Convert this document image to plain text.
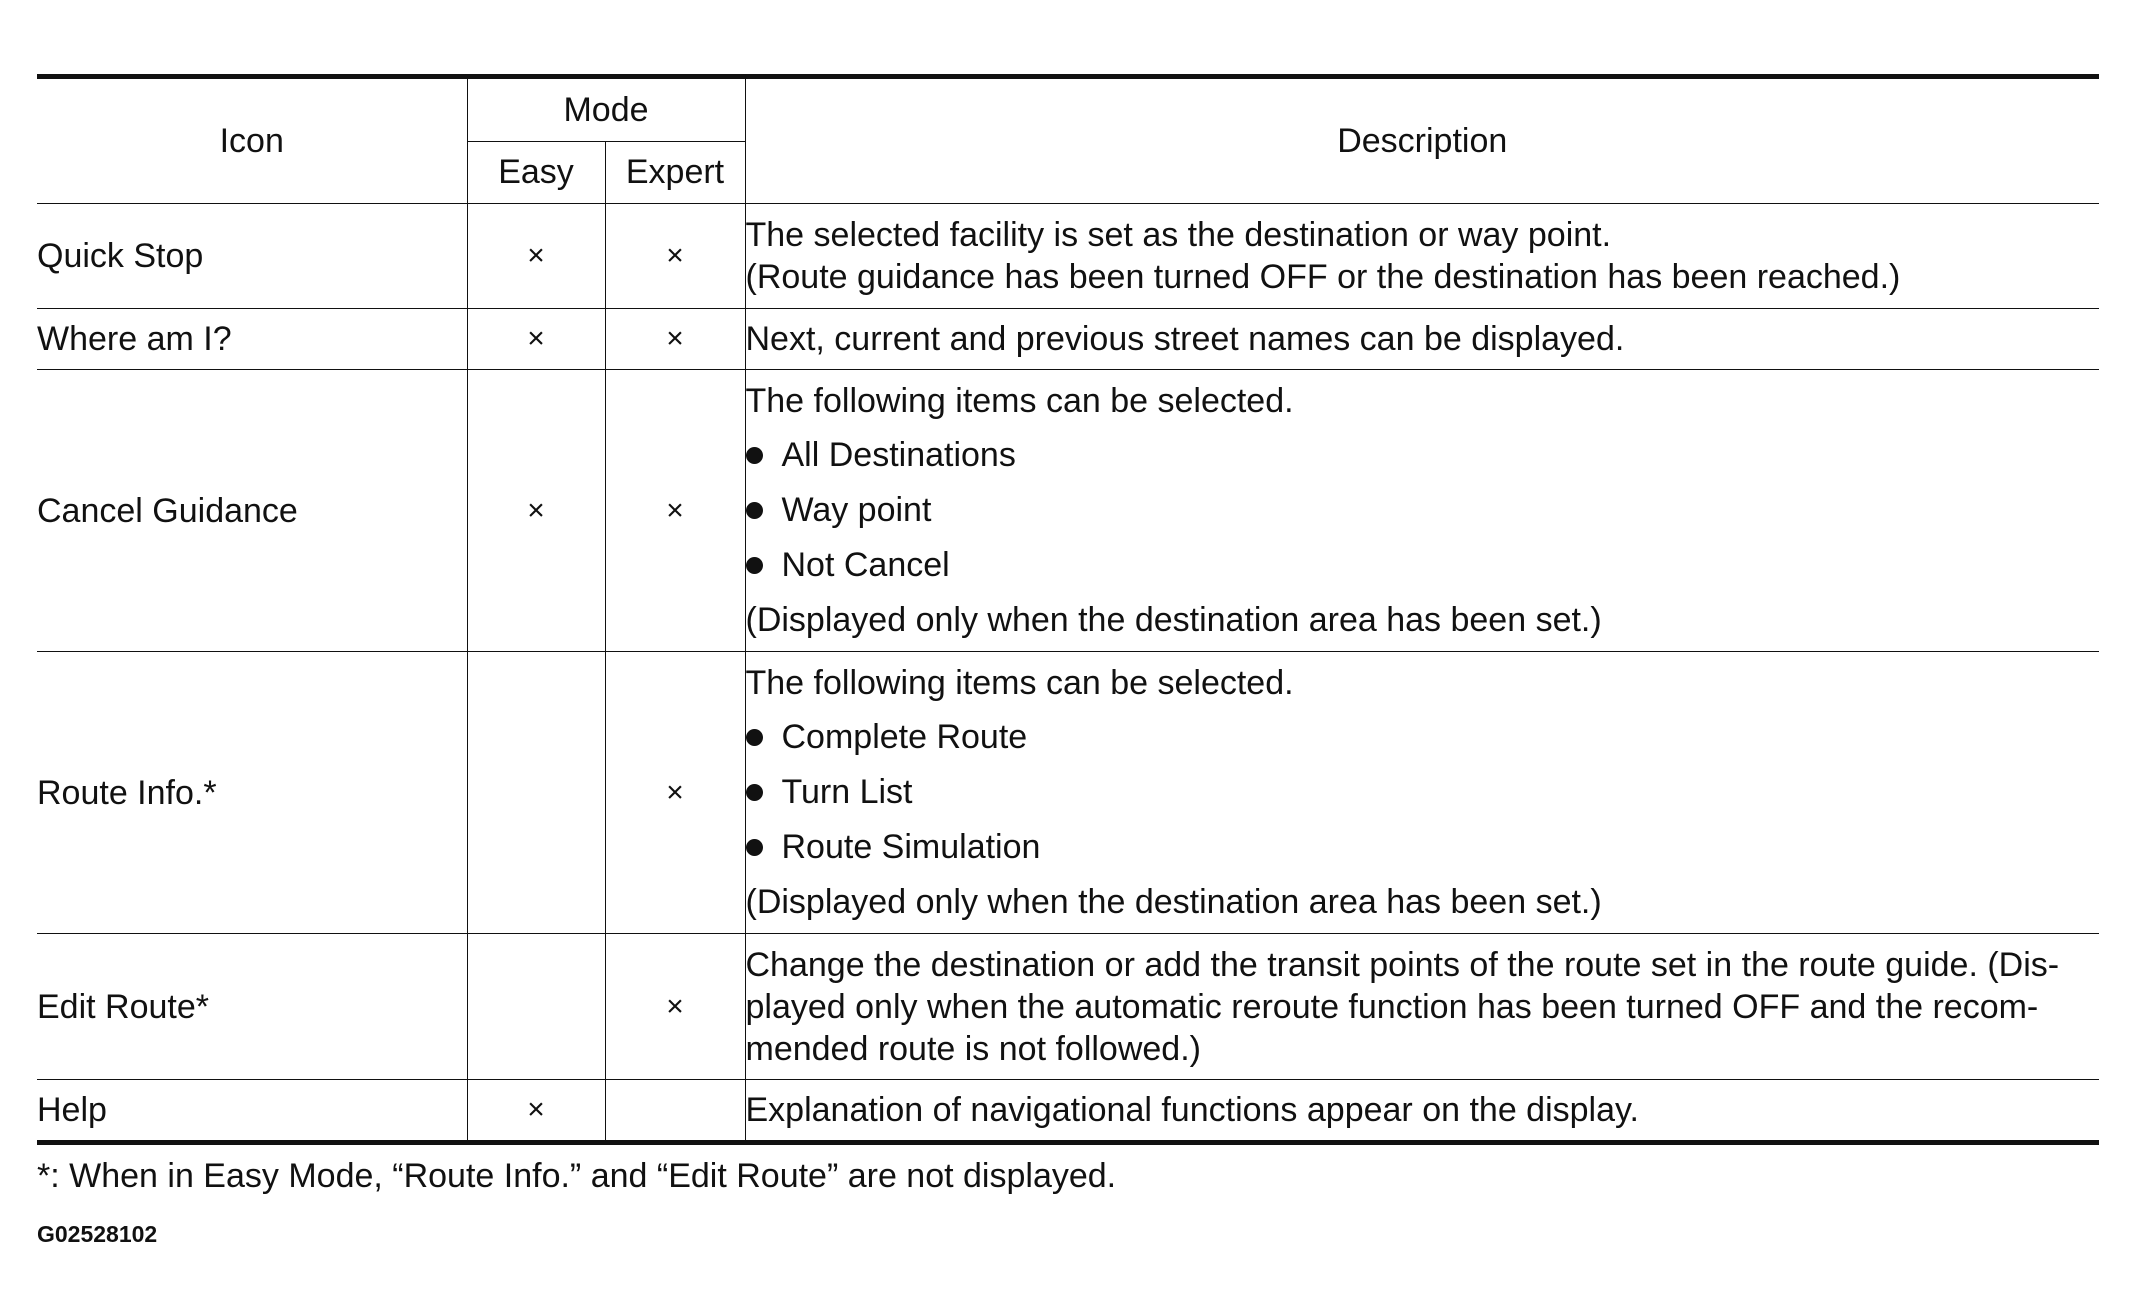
Icon	Mode		Description
	Easy	Expert	
Quick Stop	×	×	The selected facility is set as the destination or way point.
(Route guidance has been turned OFF or the destination has been reached.)

Where am I?	×	×	Next, current and previous street names can be displayed.

Cancel Guidance	×	×	The following items can be selected.
All Destinations
Way point
Not Cancel
(Displayed only when the destination area has been set.)

Route Info.*		×	The following items can be selected.
Complete Route
Turn List
Route Simulation
(Displayed only when the destination area has been set.)

Edit Route*		×	Change the destination or add the transit points of the route set in the route guide. (Dis-
played only when the automatic reroute function has been turned OFF and the recom-
mended route is not followed.)

Help	×		Explanation of navigational functions appear on the display.
*: When in Easy Mode, “Route Info.” and “Edit Route” are not displayed.
G02528102
